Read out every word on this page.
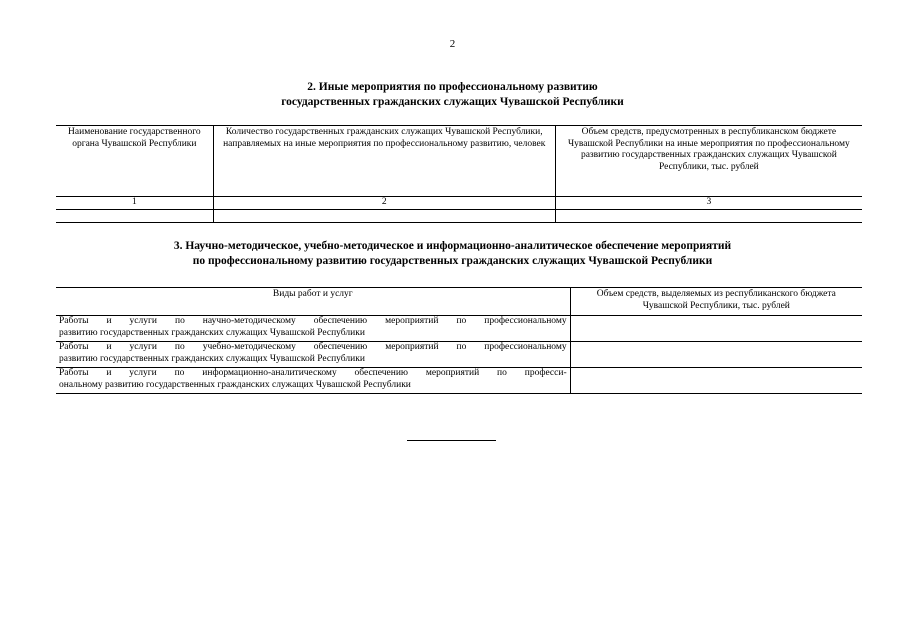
2
2. Иные мероприятия по профессиональному развитию
государственных гражданских служащих Чувашской Республики
Наименование государственного органа Чувашской Республики	Количество государственных гражданских служащих Чувашской Республики, направляемых на иные мероприятия по профессиональному развитию, человек	Объем средств, предусмотренных в республиканском бюджете Чувашской Республики на иные мероприятия по профессиональному развитию государственных гражданских служащих Чувашской Республики, тыс. рублей

1	2	3

3. Научно-методическое, учебно-методическое и информационно-аналитическое обеспечение мероприятий
по профессиональному развитию государственных гражданских служащих Чувашской Республики
Виды работ и услуг	Объем средств, выделяемых из республиканского бюджета Чувашской Республики, тыс. рублей

Работы и услуги по научно-методическому обеспечению мероприятий по профессиональному
развитию государственных гражданских служащих Чувашской Республики	

Работы и услуги по учебно-методическому обеспечению мероприятий по профессиональному
развитию государственных гражданских служащих Чувашской Республики	

Работы и услуги по информационно-аналитическому обеспечению мероприятий по професси-
ональному развитию государственных гражданских служащих Чувашской Республики	
